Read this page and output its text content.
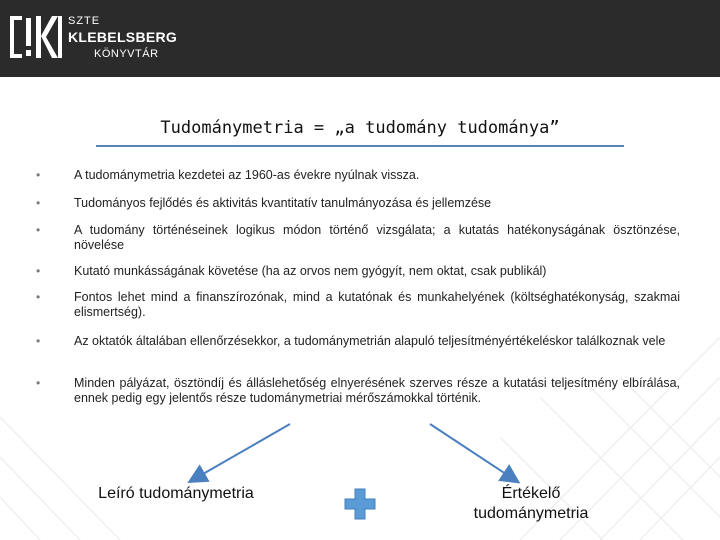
SZTE
KLEBELSBERG
KÖNYVTÁR
Tudománymetria = „a tudomány tudománya”
•	A tudománymetria kezdetei az 1960-as évekre nyúlnak vissza.
•	Tudományos fejlődés és aktivitás kvantitatív tanulmányozása és jellemzése
•	A tudomány történéseinek logikus módon történő vizsgálata; a kutatás hatékonyságának ösztönzése, növelése
•	Kutató munkásságának követése (ha az orvos nem gyógyít, nem oktat, csak publikál)
•	Fontos lehet mind a finanszírozónak, mind a kutatónak és munkahelyének (költséghatékonyság, szakmai elismertség).
•	Az oktatók általában ellenőrzésekkor, a tudománymetrián alapuló teljesítményértékeléskor találkoznak vele
•	Minden pályázat, ösztöndíj és álláslehetőség elnyerésének szerves része a kutatási teljesítmény elbírálása, ennek pedig egy jelentős része tudománymetriai mérőszámokkal történik.
Leíró tudománymetria	Értékelő tudománymetria
